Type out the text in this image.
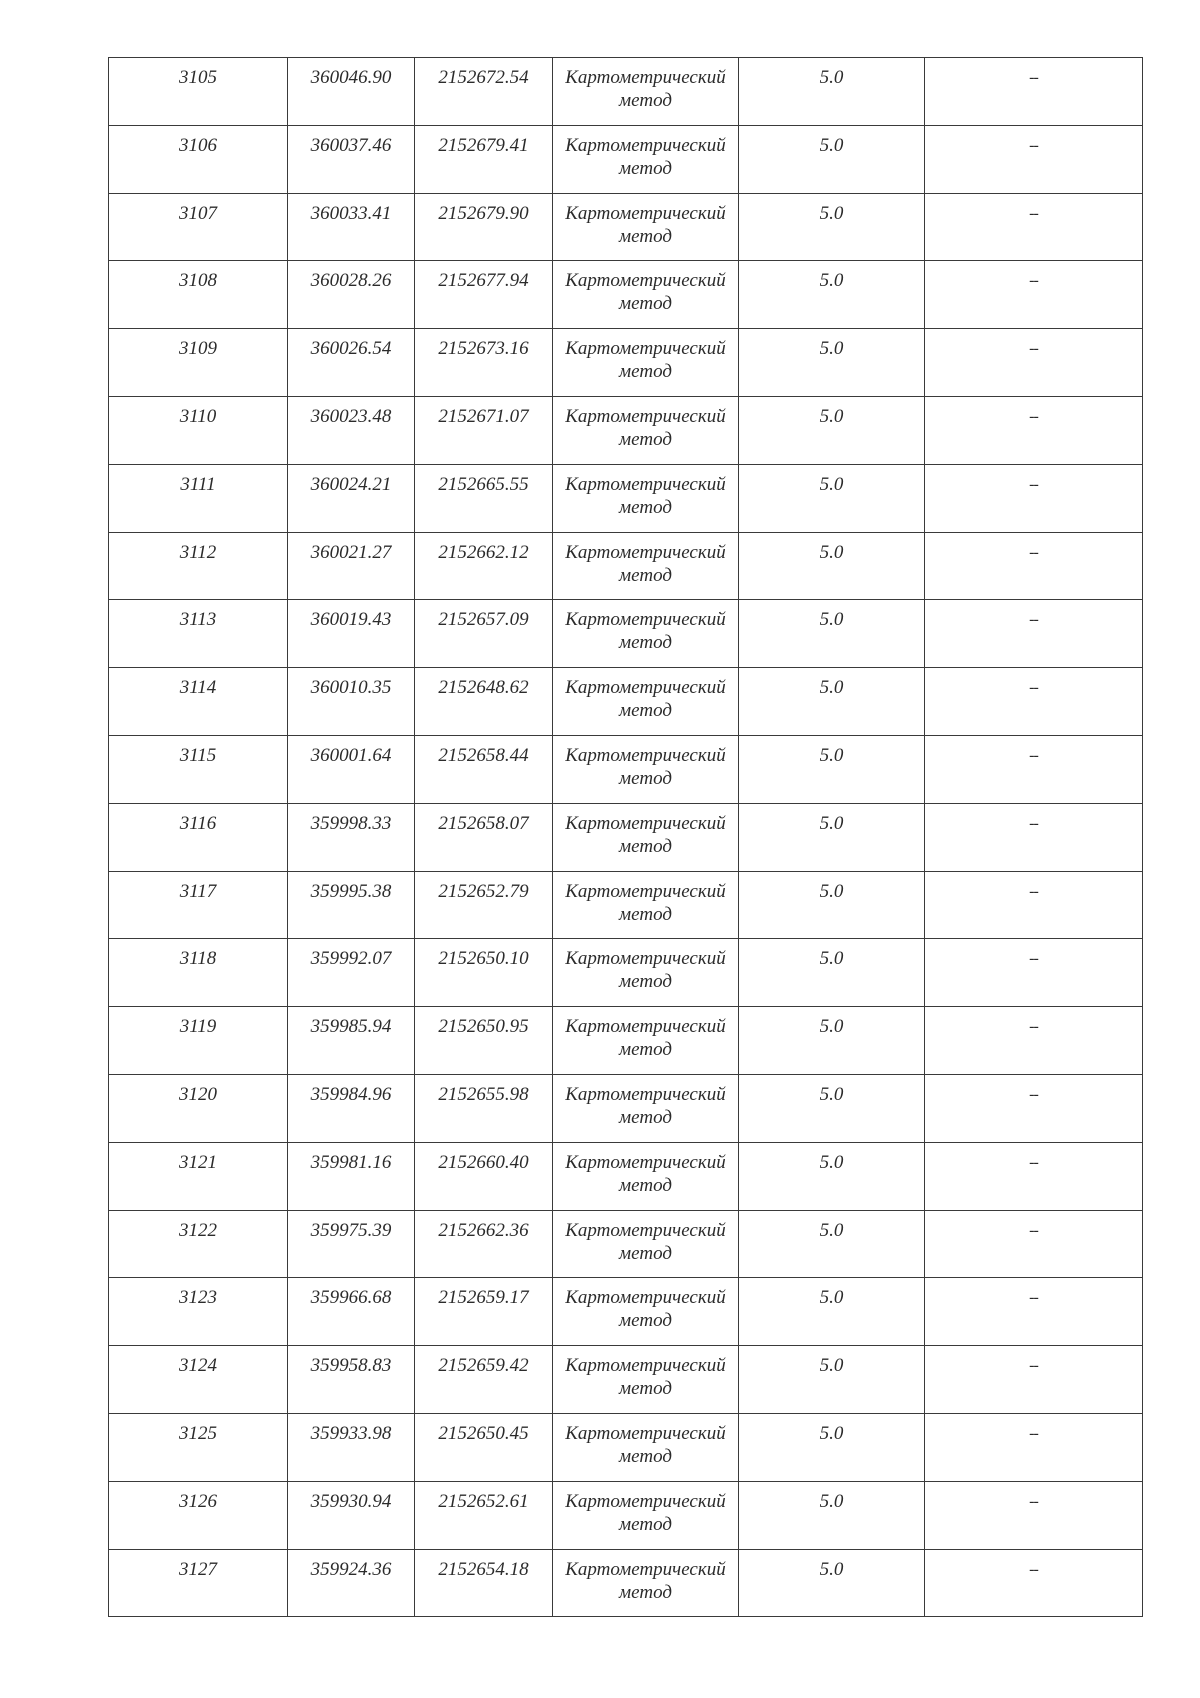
3105	360046.90	2152672.54	Картометрический
метод	5.0	--

3106	360037.46	2152679.41	Картометрический
метод	5.0	--

3107	360033.41	2152679.90	Картометрический
метод	5.0	--

3108	360028.26	2152677.94	Картометрический
метод	5.0	--

3109	360026.54	2152673.16	Картометрический
метод	5.0	--

3110	360023.48	2152671.07	Картометрический
метод	5.0	--

3111	360024.21	2152665.55	Картометрический
метод	5.0	--

3112	360021.27	2152662.12	Картометрический
метод	5.0	--

3113	360019.43	2152657.09	Картометрический
метод	5.0	--

3114	360010.35	2152648.62	Картометрический
метод	5.0	--

3115	360001.64	2152658.44	Картометрический
метод	5.0	--

3116	359998.33	2152658.07	Картометрический
метод	5.0	--

3117	359995.38	2152652.79	Картометрический
метод	5.0	--

3118	359992.07	2152650.10	Картометрический
метод	5.0	--

3119	359985.94	2152650.95	Картометрический
метод	5.0	--

3120	359984.96	2152655.98	Картометрический
метод	5.0	--

3121	359981.16	2152660.40	Картометрический
метод	5.0	--

3122	359975.39	2152662.36	Картометрический
метод	5.0	--

3123	359966.68	2152659.17	Картометрический
метод	5.0	--

3124	359958.83	2152659.42	Картометрический
метод	5.0	--

3125	359933.98	2152650.45	Картометрический
метод	5.0	--

3126	359930.94	2152652.61	Картометрический
метод	5.0	--

3127	359924.36	2152654.18	Картометрический
метод	5.0	--
